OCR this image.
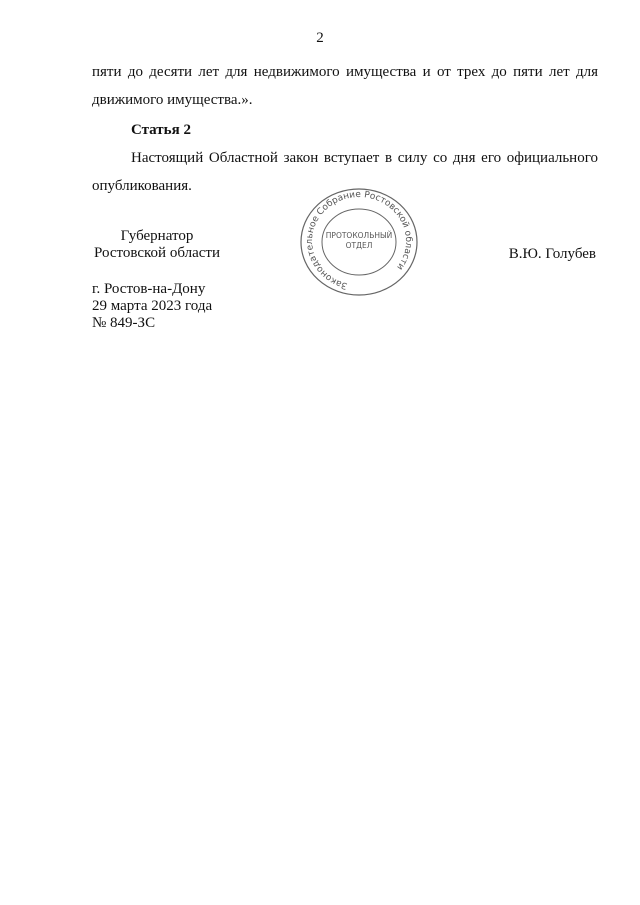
2

пяти до десяти лет для недвижимого имущества и от трех до пяти лет для движимого имущества.».

Статья 2

Настоящий Областной закон вступает в силу со дня его официального опубликования.

Губернатор
Ростовской области
Законодательное Собрание Ростовской области
ПРОТОКОЛЬНЫЙ
ОТДЕЛ
В.Ю. Голубев
г. Ростов-на-Дону
29 марта 2023 года
№ 849-ЗС
